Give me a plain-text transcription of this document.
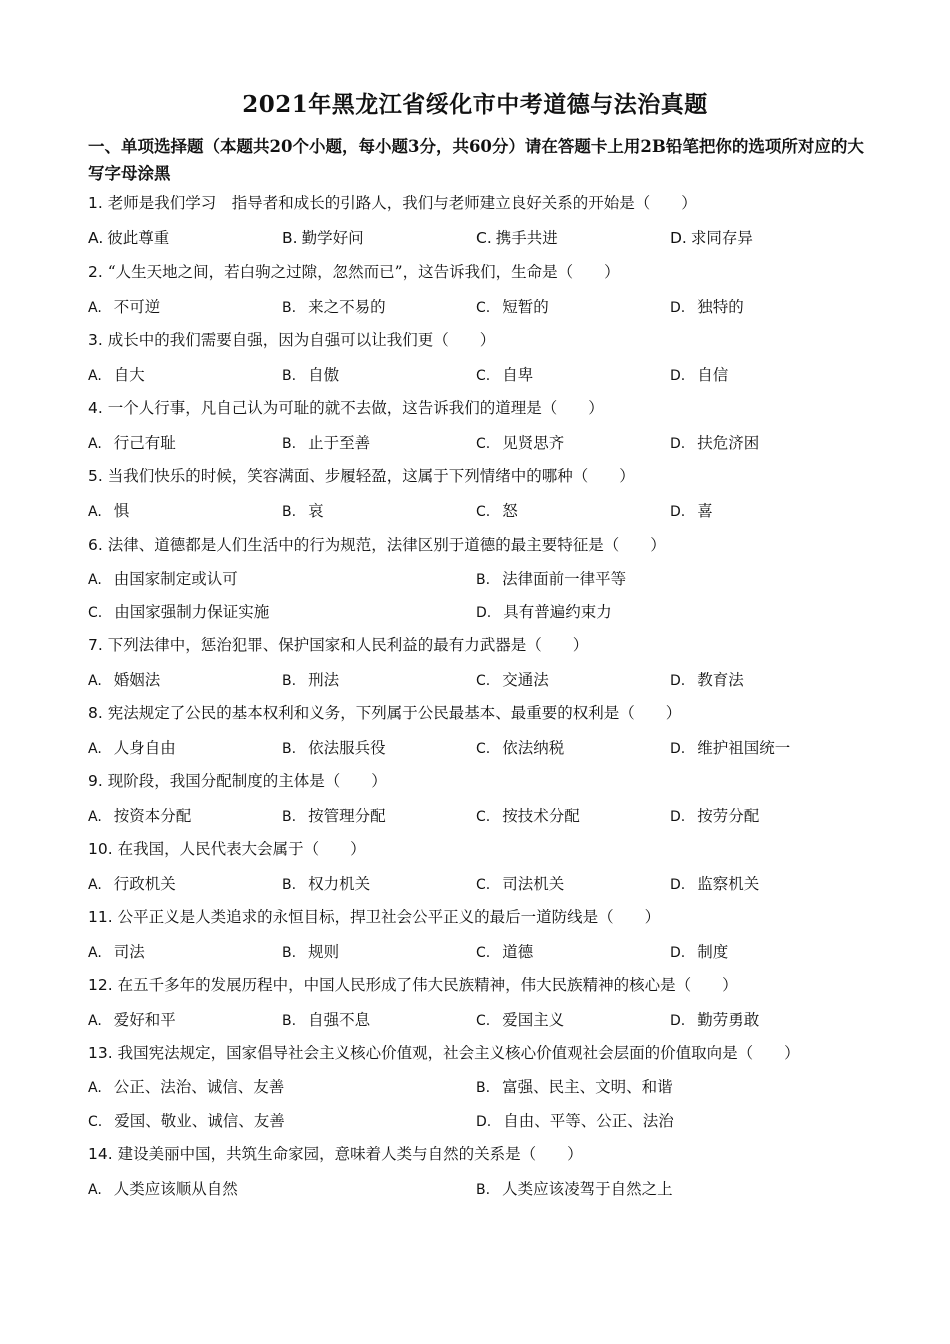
2021年黑龙江省绥化市中考道德与法治真题
一、单项选择题（本题共20个小题，每小题3分，共60分）请在答题卡上用2B铅笔把你的选项所对应的大写字母涂黑
1. 老师是我们学习　指导者和成长的引路人，我们与老师建立良好关系的开始是（　　）
A. 彼此尊重	B. 勤学好问	C. 携手共进	D. 求同存异
2. “人生天地之间，若白驹之过隙，忽然而已”，这告诉我们，生命是（　　）
A. 不可逆	B. 来之不易的	C. 短暂的	D. 独特的
3. 成长中的我们需要自强，因为自强可以让我们更（　　）
A. 自大	B. 自傲	C. 自卑	D. 自信
4. 一个人行事，凡自己认为可耻的就不去做，这告诉我们的道理是（　　）
A. 行己有耻	B. 止于至善	C. 见贤思齐	D. 扶危济困
5. 当我们快乐的时候，笑容满面、步履轻盈，这属于下列情绪中的哪种（　　）
A. 惧	B. 哀	C. 怒	D. 喜
6. 法律、道德都是人们生活中的行为规范，法律区别于道德的最主要特征是（　　）
A. 由国家制定或认可	B. 法律面前一律平等
C. 由国家强制力保证实施	D. 具有普遍约束力
7. 下列法律中，惩治犯罪、保护国家和人民利益的最有力武器是（　　）
A. 婚姻法	B. 刑法	C. 交通法	D. 教育法
8. 宪法规定了公民的基本权利和义务，下列属于公民最基本、最重要的权利是（　　）
A. 人身自由	B. 依法服兵役	C. 依法纳税	D. 维护祖国统一
9. 现阶段，我国分配制度的主体是（　　）
A. 按资本分配	B. 按管理分配	C. 按技术分配	D. 按劳分配
10. 在我国，人民代表大会属于（　　）
A. 行政机关	B. 权力机关	C. 司法机关	D. 监察机关
11. 公平正义是人类追求的永恒目标，捍卫社会公平正义的最后一道防线是（　　）
A. 司法	B. 规则	C. 道德	D. 制度
12. 在五千多年的发展历程中，中国人民形成了伟大民族精神，伟大民族精神的核心是（　　）
A. 爱好和平	B. 自强不息	C. 爱国主义	D. 勤劳勇敢
13. 我国宪法规定，国家倡导社会主义核心价值观，社会主义核心价值观社会层面的价值取向是（　　）
A. 公正、法治、诚信、友善	B. 富强、民主、文明、和谐
C. 爱国、敬业、诚信、友善	D. 自由、平等、公正、法治
14. 建设美丽中国，共筑生命家园，意味着人类与自然的关系是（　　）
A. 人类应该顺从自然	B. 人类应该凌驾于自然之上
